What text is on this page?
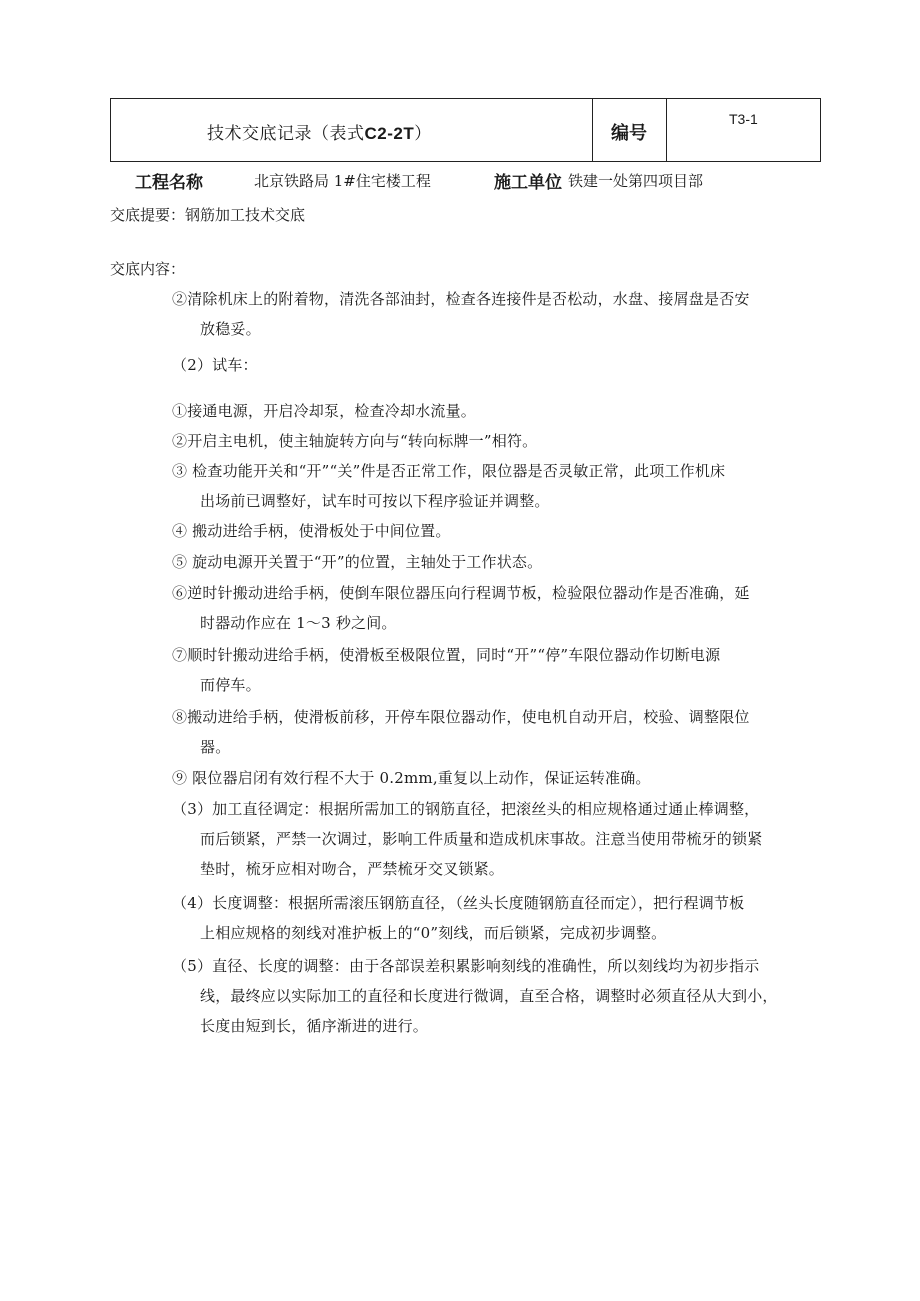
技术交底记录（表式C2-2T）	编号
T3-1
工程名称	北京铁路局 1#住宅楼工程	施工单位 铁建一处第四项目部
交底提要：钢筋加工技术交底
交底内容：
②清除机床上的附着物，清洗各部油封，检查各连接件是否松动，水盘、接屑盘是否安
放稳妥。
（2）试车：
①接通电源，开启冷却泵，检查冷却水流量。
②开启主电机，使主轴旋转方向与“转向标牌一”相符。
③ 检查功能开关和“开”“关”件是否正常工作，限位器是否灵敏正常，此项工作机床
出场前已调整好，试车时可按以下程序验证并调整。
④ 搬动进给手柄，使滑板处于中间位置。
⑤ 旋动电源开关置于“开”的位置，主轴处于工作状态。
⑥逆时针搬动进给手柄，使倒车限位器压向行程调节板，检验限位器动作是否准确，延
时器动作应在 1～3 秒之间。
⑦顺时针搬动进给手柄，使滑板至极限位置，同时“开”“停”车限位器动作切断电源
而停车。
⑧搬动进给手柄，使滑板前移，开停车限位器动作，使电机自动开启，校验、调整限位
器。
⑨ 限位器启闭有效行程不大于 0.2mm,重复以上动作，保证运转准确。
（3）加工直径调定：根据所需加工的钢筋直径，把滚丝头的相应规格通过通止棒调整，
而后锁紧，严禁一次调过，影响工件质量和造成机床事故。注意当使用带梳牙的锁紧
垫时，梳牙应相对吻合，严禁梳牙交叉锁紧。
（4）长度调整：根据所需滚压钢筋直径，（丝头长度随钢筋直径而定），把行程调节板
上相应规格的刻线对准护板上的“0”刻线，而后锁紧，完成初步调整。
（5）直径、长度的调整：由于各部误差积累影响刻线的准确性，所以刻线均为初步指示
线，最终应以实际加工的直径和长度进行微调，直至合格，调整时必须直径从大到小，
长度由短到长，循序渐进的进行。
